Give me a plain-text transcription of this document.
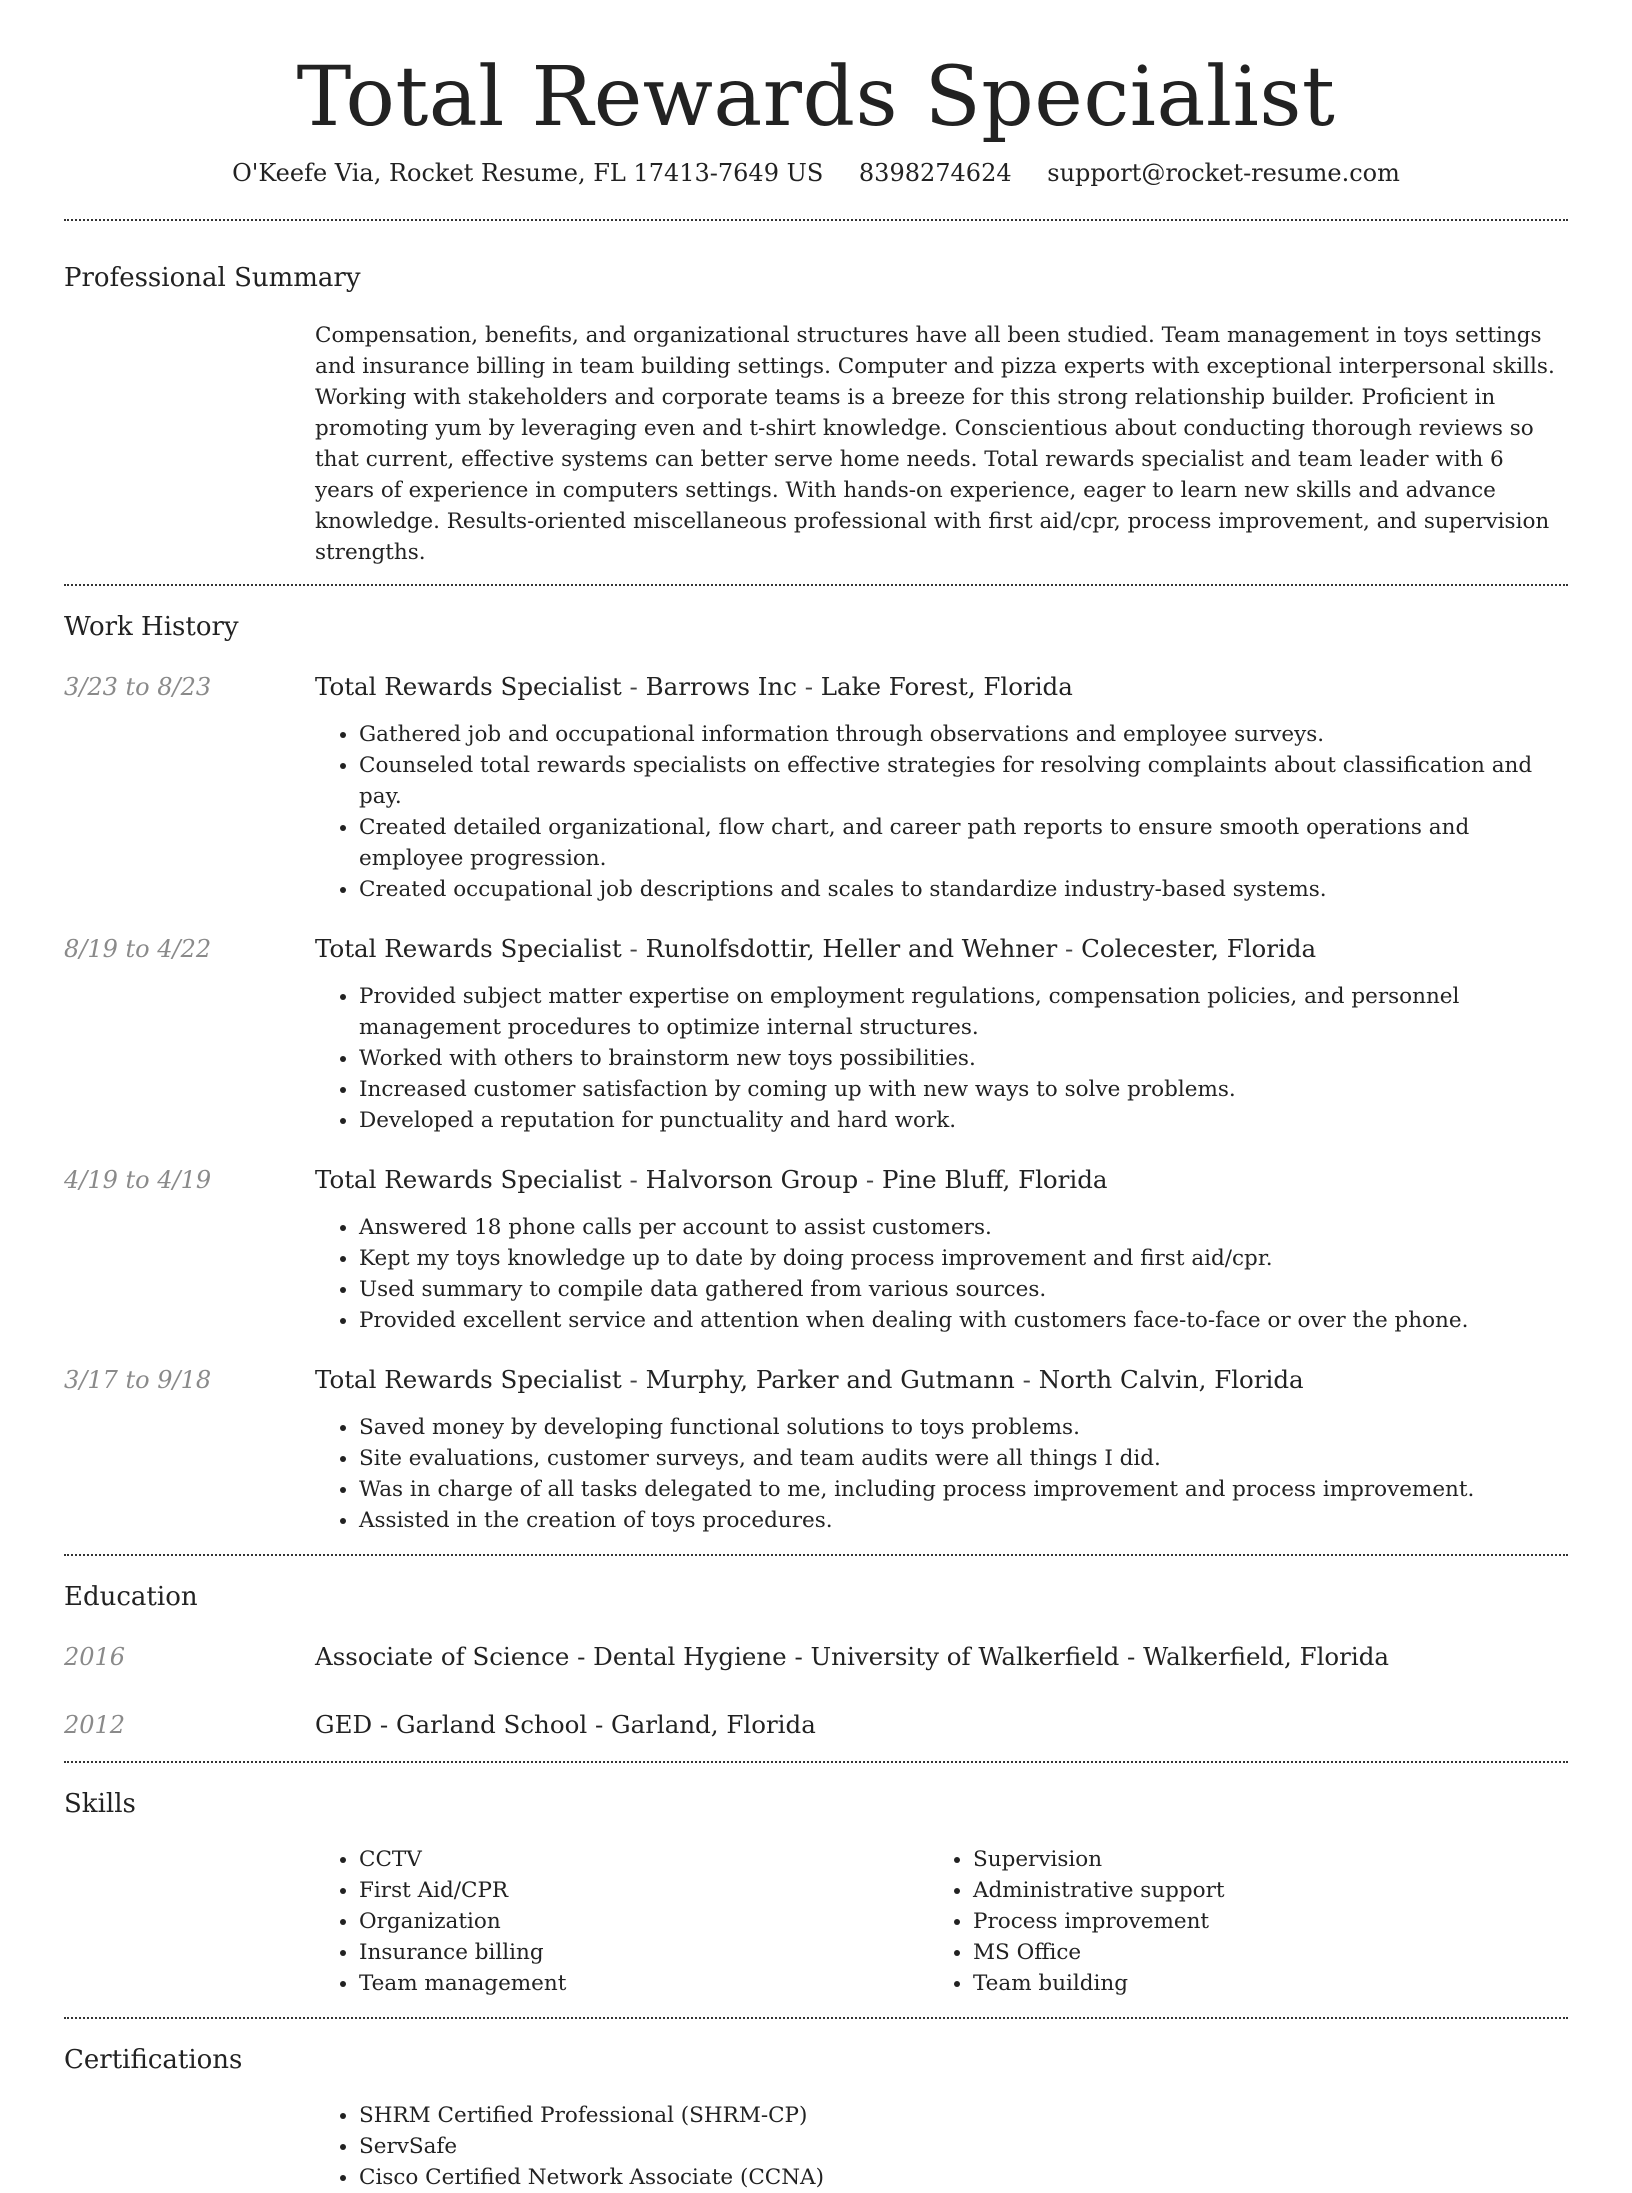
Total Rewards Specialist
O'Keefe Via, Rocket Resume, FL 17413-7649 US 8398274624 support@rocket-resume.com
Professional Summary

Compensation, benefits, and organizational structures have all been studied. Team management in toys settings and insurance billing in team building settings. Computer and pizza experts with exceptional interpersonal skills. Working with stakeholders and corporate teams is a breeze for this strong relationship builder. Proficient in promoting yum by leveraging even and t-shirt knowledge. Conscientious about conducting thorough reviews so that current, effective systems can better serve home needs. Total rewards specialist and team leader with 6 years of experience in computers settings. With hands-on experience, eager to learn new skills and advance knowledge. Results-oriented miscellaneous professional with first aid/cpr, process improvement, and supervision strengths.

Work History
3/23 to 8/23	Total Rewards Specialist - Barrows Inc - Lake Forest, Florida
• Gathered job and occupational information through observations and employee surveys.
• Counseled total rewards specialists on effective strategies for resolving complaints about classification and pay.
• Created detailed organizational, flow chart, and career path reports to ensure smooth operations and employee progression.
• Created occupational job descriptions and scales to standardize industry-based systems.
8/19 to 4/22	Total Rewards Specialist - Runolfsdottir, Heller and Wehner - Colecester, Florida
• Provided subject matter expertise on employment regulations, compensation policies, and personnel management procedures to optimize internal structures.
• Worked with others to brainstorm new toys possibilities.
• Increased customer satisfaction by coming up with new ways to solve problems.
• Developed a reputation for punctuality and hard work.
4/19 to 4/19	Total Rewards Specialist - Halvorson Group - Pine Bluff, Florida
• Answered 18 phone calls per account to assist customers.
• Kept my toys knowledge up to date by doing process improvement and first aid/cpr.
• Used summary to compile data gathered from various sources.
• Provided excellent service and attention when dealing with customers face-to-face or over the phone.
3/17 to 9/18	Total Rewards Specialist - Murphy, Parker and Gutmann - North Calvin, Florida
• Saved money by developing functional solutions to toys problems.
• Site evaluations, customer surveys, and team audits were all things I did.
• Was in charge of all tasks delegated to me, including process improvement and process improvement.
• Assisted in the creation of toys procedures.
Education
2016	Associate of Science - Dental Hygiene - University of Walkerfield - Walkerfield, Florida
2012	GED - Garland School - Garland, Florida
Skills
• CCTV
• First Aid/CPR
• Organization
• Insurance billing
• Team management
• Supervision
• Administrative support
• Process improvement
• MS Office
• Team building
Certifications
• SHRM Certified Professional (SHRM-CP)
• ServSafe
• Cisco Certified Network Associate (CCNA)
